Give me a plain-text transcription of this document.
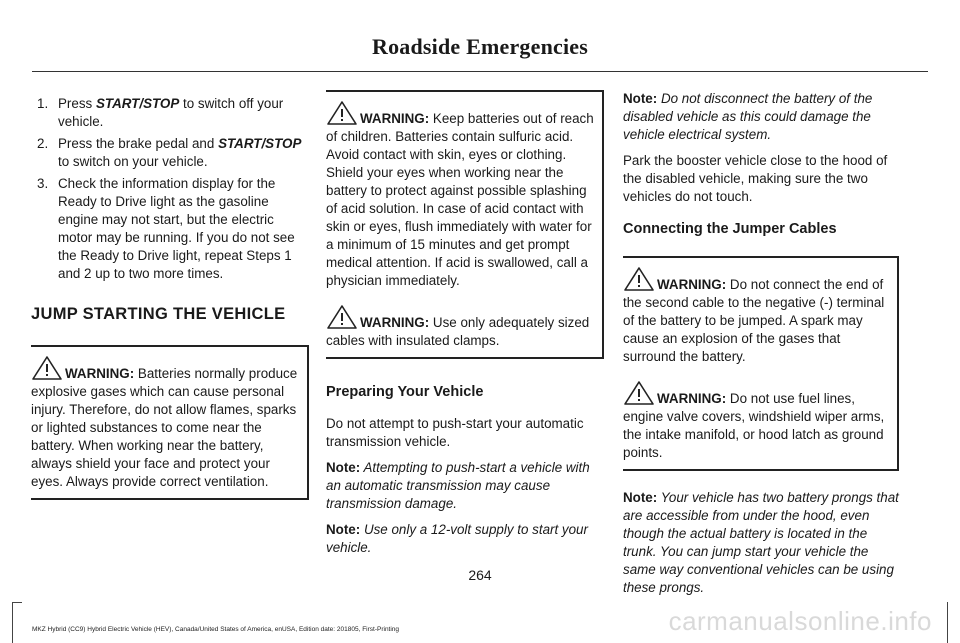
Roadside Emergencies
1. Press START/STOP to switch off your vehicle.
2. Press the brake pedal and START/STOP to switch on your vehicle.
3. Check the information display for the Ready to Drive light as the gasoline engine may not start, but the electric motor may be running. If you do not see the Ready to Drive light, repeat Steps 1 and 2 up to two more times.
JUMP STARTING THE VEHICLE

WARNING: Batteries normally produce explosive gases which can cause personal injury. Therefore, do not allow flames, sparks or lighted substances to come near the battery. When working near the battery, always shield your face and protect your eyes. Always provide correct ventilation.

WARNING: Keep batteries out of reach of children. Batteries contain sulfuric acid. Avoid contact with skin, eyes or clothing. Shield your eyes when working near the battery to protect against possible splashing of acid solution. In case of acid contact with skin or eyes, flush immediately with water for a minimum of 15 minutes and get prompt medical attention. If acid is swallowed, call a physician immediately.

WARNING: Use only adequately sized cables with insulated clamps.

Preparing Your Vehicle

Do not attempt to push-start your automatic transmission vehicle.

Note: Attempting to push-start a vehicle with an automatic transmission may cause transmission damage.

Note: Use only a 12-volt supply to start your vehicle.

Note: Do not disconnect the battery of the disabled vehicle as this could damage the vehicle electrical system.

Park the booster vehicle close to the hood of the disabled vehicle, making sure the two vehicles do not touch.

Connecting the Jumper Cables

WARNING: Do not connect the end of the second cable to the negative (-) terminal of the battery to be jumped. A spark may cause an explosion of the gases that surround the battery.

WARNING: Do not use fuel lines, engine valve covers, windshield wiper arms, the intake manifold, or hood latch as ground points.

Note: Your vehicle has two battery prongs that are accessible from under the hood, even though the actual battery is located in the trunk. You can jump start your vehicle the same way conventional vehicles can be using these prongs.

264
MKZ Hybrid (CC9) Hybrid Electric Vehicle (HEV), Canada/United States of America, enUSA, Edition date: 201805, First-Printing	carmanualsonline.info
